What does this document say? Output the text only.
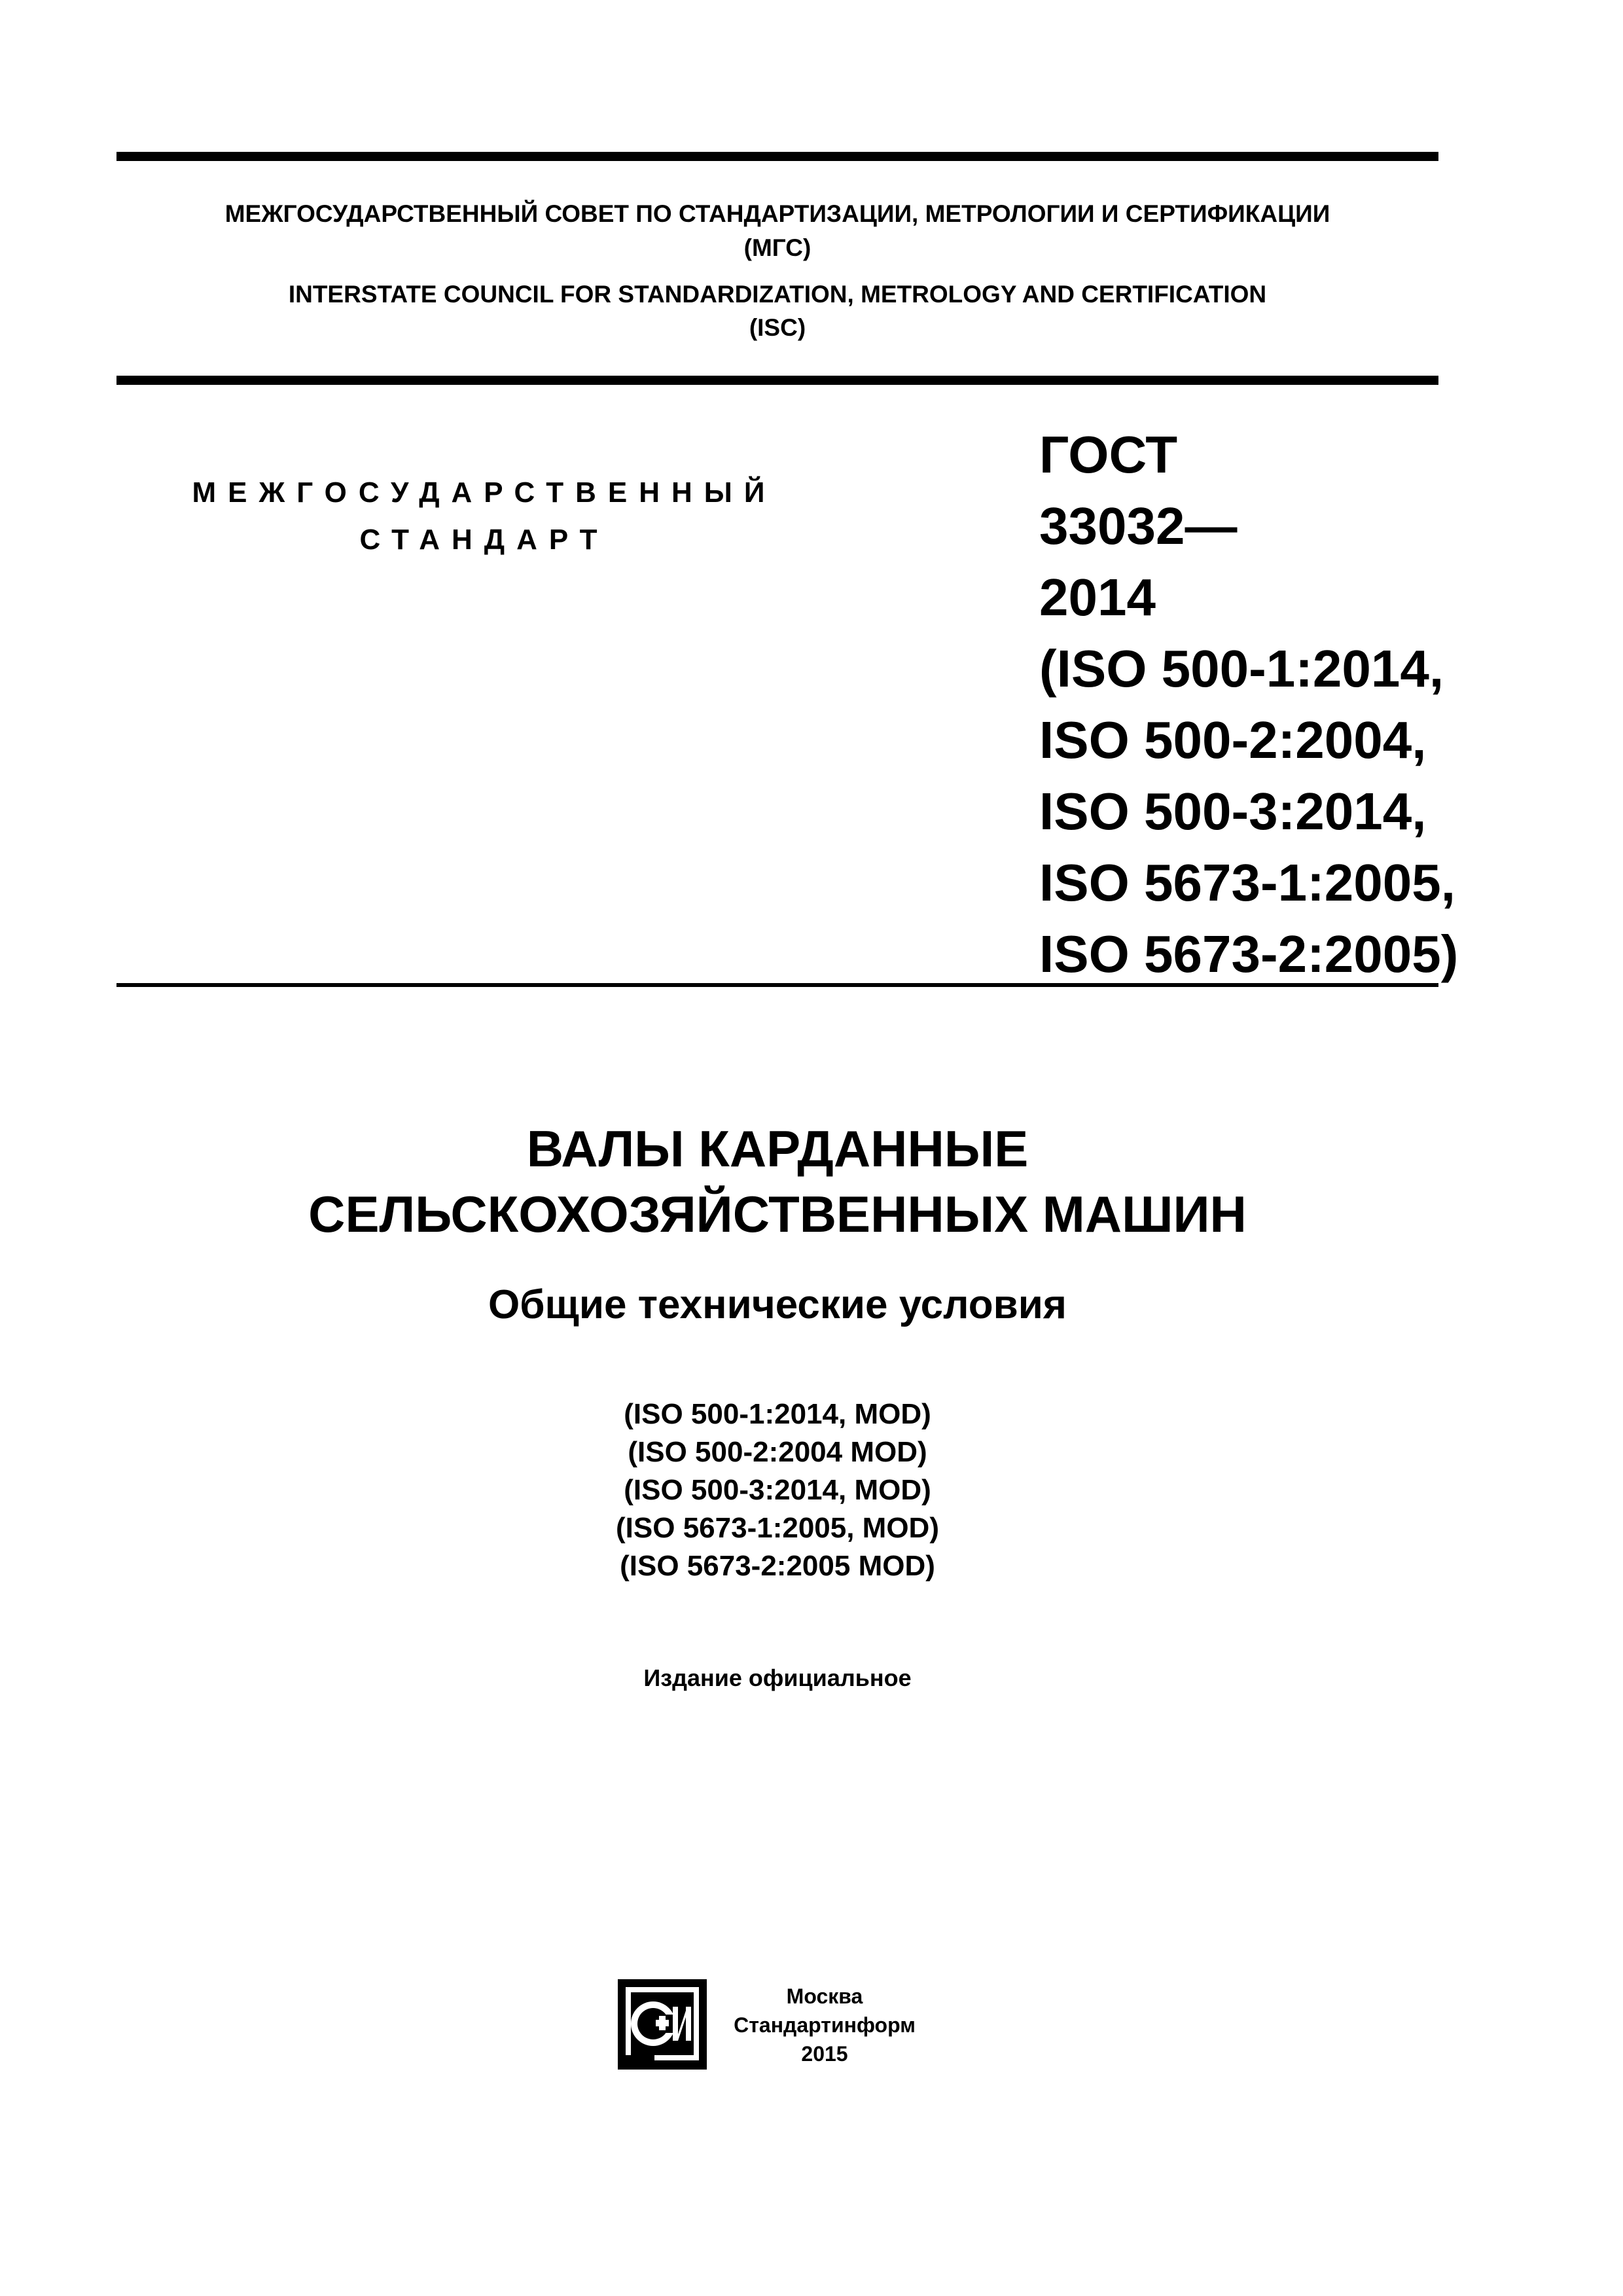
МЕЖГОСУДАРСТВЕННЫЙ СОВЕТ ПО СТАНДАРТИЗАЦИИ, МЕТРОЛОГИИ И СЕРТИФИКАЦИИ
(МГС)
INTERSTATE COUNCIL FOR STANDARDIZATION, METROLOGY AND CERTIFICATION
(ISC)
МЕЖГОСУДАРСТВЕННЫЙ
СТАНДАРТ
ГОСТ
33032—
2014
(ISO 500-1:2014,
ISO 500-2:2004,
ISO 500-3:2014,
ISO 5673-1:2005,
ISO 5673-2:2005)
ВАЛЫ КАРДАННЫЕ
СЕЛЬСКОХОЗЯЙСТВЕННЫХ МАШИН
Общие технические условия
(ISO 500-1:2014, MOD)
(ISO 500-2:2004 MOD)
(ISO 500-3:2014, MOD)
(ISO 5673-1:2005, MOD)
(ISO 5673-2:2005 MOD)
Издание официальное
Москва
Стандартинформ
2015
